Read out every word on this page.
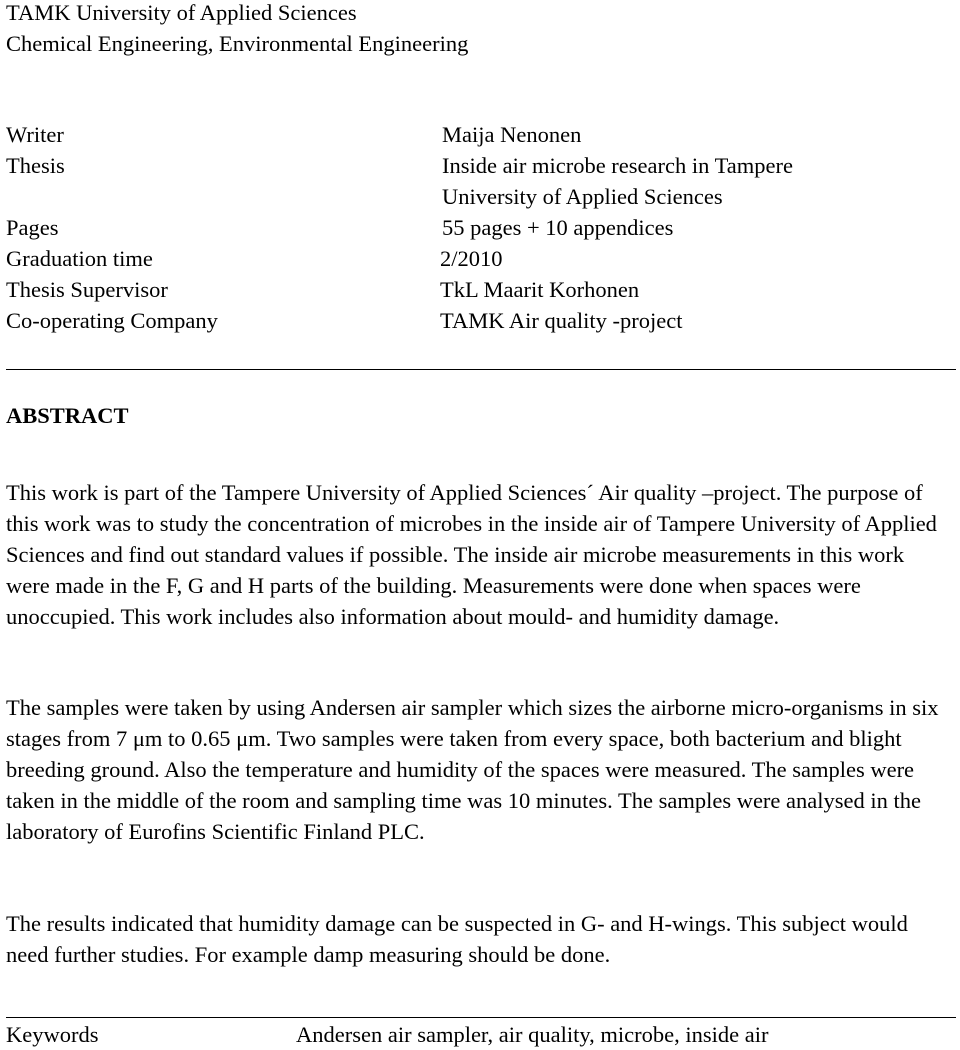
TAMK University of Applied Sciences
Chemical Engineering, Environmental Engineering
Writer	Maija Nenonen
Thesis	Inside air microbe research in Tampere
University of Applied Sciences
Pages	55 pages + 10 appendices
Graduation time	2/2010
Thesis Supervisor	TkL Maarit Korhonen
Co-operating Company	TAMK Air quality -project
ABSTRACT
This work is part of the Tampere University of Applied Sciences´ Air quality –project. The purpose of this work was to study the concentration of microbes in the inside air of Tampere University of Applied Sciences and find out standard values if possible. The inside air microbe measurements in this work were made in the F, G and H parts of the building. Measurements were done when spaces were unoccupied. This work includes also information about mould- and humidity damage.
The samples were taken by using Andersen air sampler which sizes the airborne micro-organisms in six stages from 7 μm to 0.65 μm. Two samples were taken from every space, both bacterium and blight breeding ground. Also the temperature and humidity of the spaces were measured. The samples were taken in the middle of the room and sampling time was 10 minutes. The samples were analysed in the laboratory of Eurofins Scientific Finland PLC.
The results indicated that humidity damage can be suspected in G- and H-wings. This subject would need further studies. For example damp measuring should be done.
Keywords	Andersen air sampler, air quality, microbe, inside air
